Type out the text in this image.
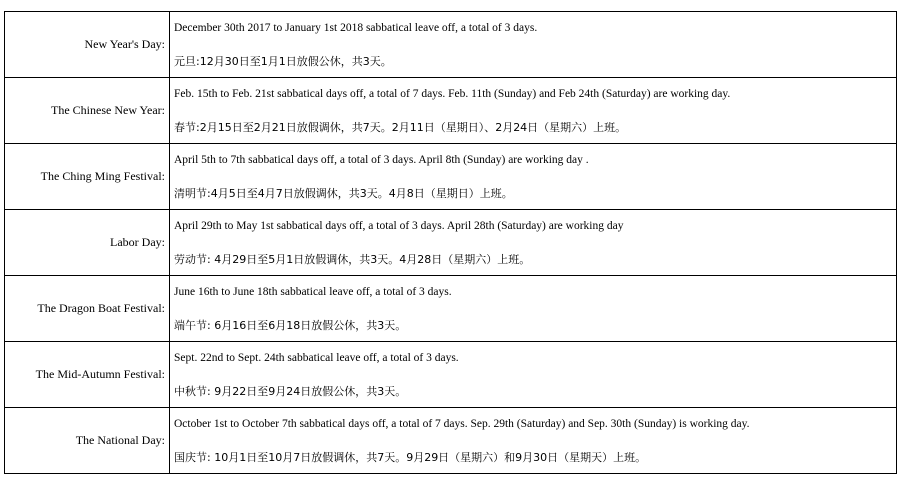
New Year's Day:	December 30th 2017 to January 1st 2018 sabbatical leave off, a total of 3 days.
元旦:12月30日至1月1日放假公休，共3天。

The Chinese New Year:	Feb. 15th to Feb. 21st sabbatical days off, a total of 7 days. Feb. 11th (Sunday) and Feb 24th (Saturday) are working day.
春节:2月15日至2月21日放假调休，共7天。2月11日（星期日）、2月24日（星期六）上班。

The Ching Ming Festival:	April 5th to 7th sabbatical days off, a total of 3 days. April 8th (Sunday) are working day .
清明节:4月5日至4月7日放假调休，共3天。4月8日（星期日）上班。

Labor Day:	April 29th to May 1st sabbatical days off, a total of 3 days. April 28th (Saturday) are working day
劳动节: 4月29日至5月1日放假调休，共3天。4月28日（星期六）上班。

The Dragon Boat Festival:	June 16th to June 18th sabbatical leave off, a total of 3 days.
端午节: 6月16日至6月18日放假公休，共3天。

The Mid-Autumn Festival:	Sept. 22nd to Sept. 24th sabbatical leave off, a total of 3 days.
中秋节: 9月22日至9月24日放假公休，共3天。

The National Day:	October 1st to October 7th sabbatical days off, a total of 7 days. Sep. 29th (Saturday) and Sep. 30th (Sunday) is working day.
国庆节: 10月1日至10月7日放假调休，共7天。9月29日（星期六）和9月30日（星期天）上班。
